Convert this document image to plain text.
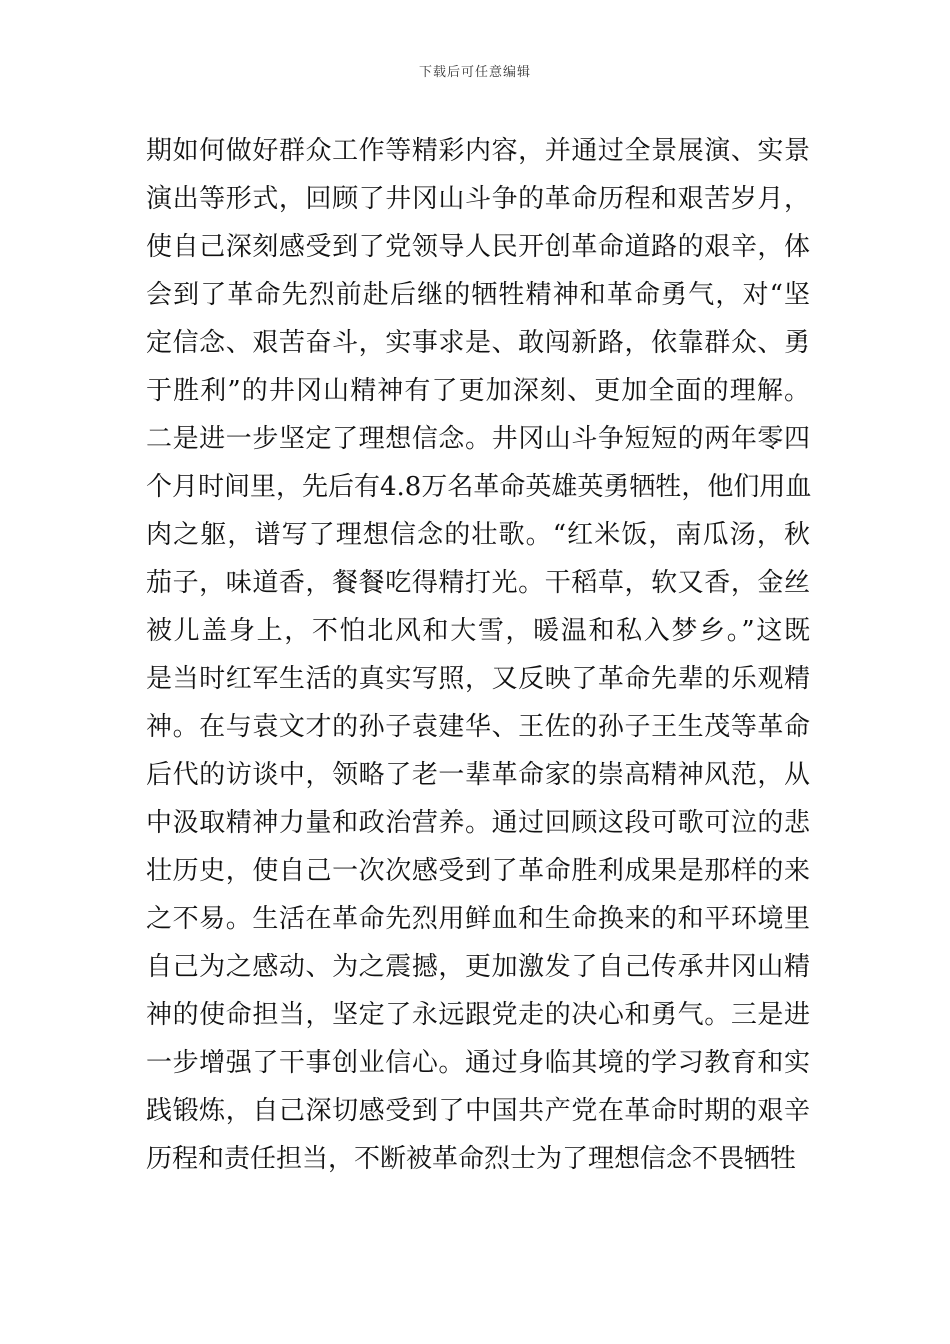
下载后可任意编辑
期如何做好群众工作等精彩内容，并通过全景展演、实景
演出等形式，回顾了井冈山斗争的革命历程和艰苦岁月，
使自己深刻感受到了党领导人民开创革命道路的艰辛，体
会到了革命先烈前赴后继的牺牲精神和革命勇气，对“坚
定信念、艰苦奋斗，实事求是、敢闯新路，依靠群众、勇
于胜利”的井冈山精神有了更加深刻、更加全面的理解。
二是进一步坚定了理想信念。井冈山斗争短短的两年零四
个月时间里，先后有4.8万名革命英雄英勇牺牲，他们用血
肉之躯，谱写了理想信念的壮歌。“红米饭，南瓜汤，秋
茄子，味道香，餐餐吃得精打光。干稻草，软又香，金丝
被儿盖身上，不怕北风和大雪，暖温和私入梦乡。”这既
是当时红军生活的真实写照，又反映了革命先辈的乐观精
神。在与袁文才的孙子袁建华、王佐的孙子王生茂等革命
后代的访谈中，领略了老一辈革命家的崇高精神风范，从
中汲取精神力量和政治营养。通过回顾这段可歌可泣的悲
壮历史，使自己一次次感受到了革命胜利成果是那样的来
之不易。生活在革命先烈用鲜血和生命换来的和平环境里
自己为之感动、为之震撼，更加激发了自己传承井冈山精
神的使命担当，坚定了永远跟党走的决心和勇气。三是进
一步增强了干事创业信心。通过身临其境的学习教育和实
践锻炼，自己深切感受到了中国共产党在革命时期的艰辛
历程和责任担当，不断被革命烈士为了理想信念不畏牺牲
